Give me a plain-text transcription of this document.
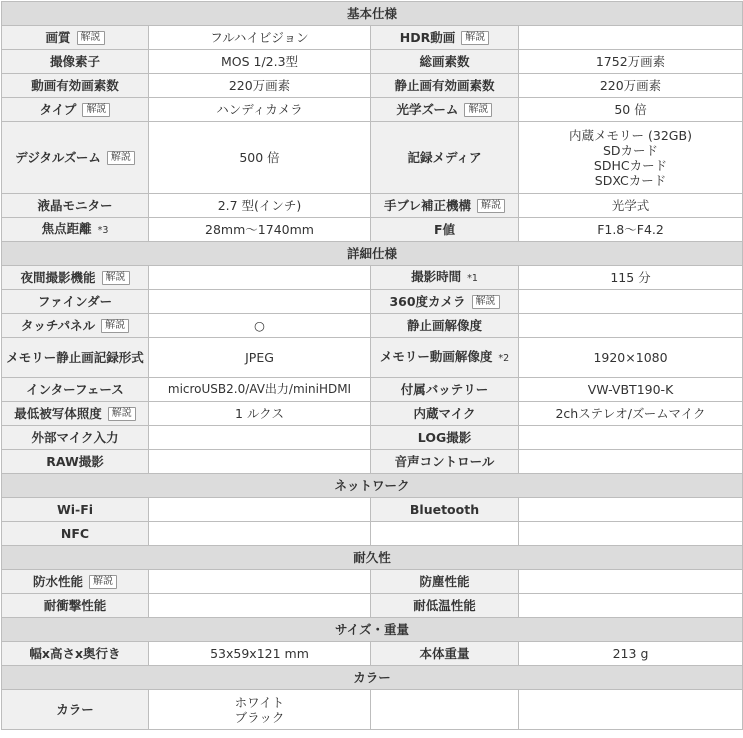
基本仕様			
画質 解説	フルハイビジョン	HDR動画 解説	
撮像素子	MOS 1/2.3型	総画素数	1752万画素
動画有効画素数	220万画素	静止画有効画素数	220万画素
タイプ 解説	ハンディカメラ	光学ズーム 解説	50 倍
デジタルズーム 解説	500 倍	記録メディア	内蔵メモリー (32GB)
SDカード
SDHCカード
SDXCカード

液晶モニター	2.7 型(インチ)	手ブレ補正機構 解説	光学式
焦点距離 *3	28mm～1740mm	F値	F1.8～F4.2
詳細仕様			
夜間撮影機能 解説		撮影時間 *1	115 分
ファインダー		360度カメラ 解説	
タッチパネル 解説	○	静止画解像度	
メモリー静止画記録形式	JPEG	メモリー動画解像度 *2	1920×1080
インターフェース	microUSB2.0/AV出力/miniHDMI	付属バッテリー	VW-VBT190-K
最低被写体照度 解説	1 ルクス	内蔵マイク	2chステレオ/ズームマイク
外部マイク入力		LOG撮影	
RAW撮影		音声コントロール	
ネットワーク			
Wi-Fi		Bluetooth	
NFC			
耐久性			
防水性能 解説		防塵性能	
耐衝撃性能		耐低温性能	
サイズ・重量			
幅x高さx奥行き	53x59x121 mm	本体重量	213 g
カラー			
カラー	ホワイト
ブラック		
